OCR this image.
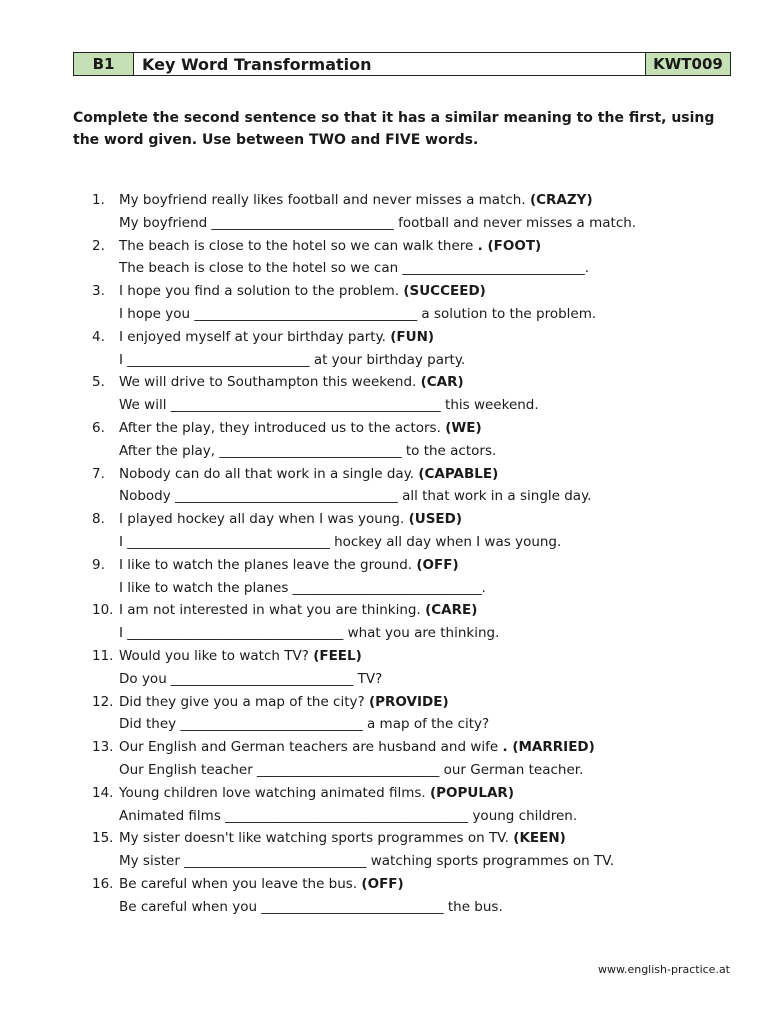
B1	Key Word Transformation	KWT009
Complete the second sentence so that it has a similar meaning to the first, using the word given. Use between TWO and FIVE words.
1.	My boyfriend really likes football and never misses a match. (CRAZY)
My boyfriend ___________________________ football and never misses a match.
2.	The beach is close to the hotel so we can walk there . (FOOT)
The beach is close to the hotel so we can ___________________________.
3.	I hope you find a solution to the problem. (SUCCEED)
I hope you _________________________________ a solution to the problem.
4.	I enjoyed myself at your birthday party. (FUN)
I ___________________________ at your birthday party.
5.	We will drive to Southampton this weekend. (CAR)
We will ________________________________________ this weekend.
6.	After the play, they introduced us to the actors. (WE)
After the play, ___________________________ to the actors.
7.	Nobody can do all that work in a single day. (CAPABLE)
Nobody _________________________________ all that work in a single day.
8.	I played hockey all day when I was young. (USED)
I ______________________________ hockey all day when I was young.
9.	I like to watch the planes leave the ground. (OFF)
I like to watch the planes ____________________________.
10. I am not interested in what you are thinking. (CARE)
I ________________________________ what you are thinking.
11. Would you like to watch TV? (FEEL)
Do you ___________________________ TV?
12. Did they give you a map of the city? (PROVIDE)
Did they ___________________________ a map of the city?
13. Our English and German teachers are husband and wife . (MARRIED)
Our English teacher ___________________________ our German teacher.
14. Young children love watching animated films. (POPULAR)
Animated films ____________________________________ young children.
15. My sister doesn't like watching sports programmes on TV. (KEEN)
My sister ___________________________ watching sports programmes on TV.
16. Be careful when you leave the bus. (OFF)
Be careful when you ___________________________ the bus.
www.english-practice.at
